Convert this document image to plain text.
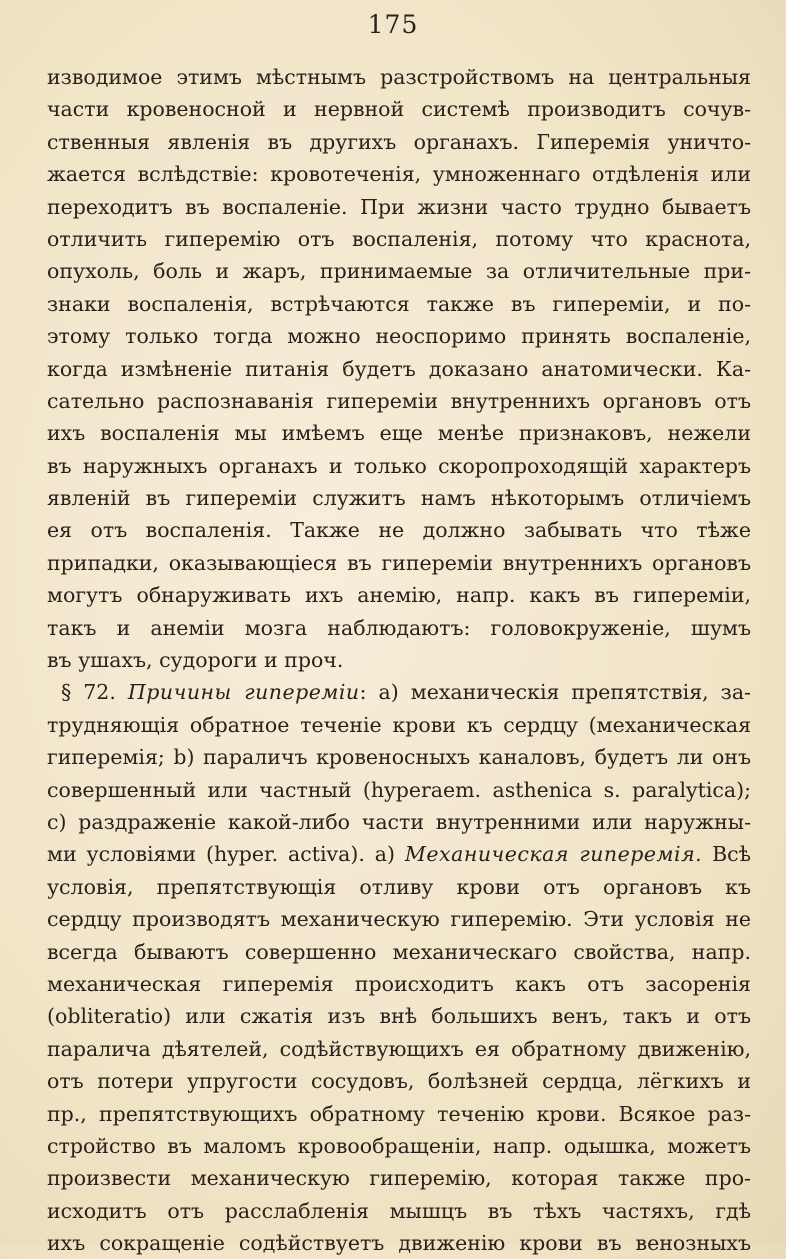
175
изводимое этимъ мѣстнымъ разстройствомъ на центральныя
части кровеносной и нервной системѣ производитъ сочув-
ственныя явленія въ другихъ органахъ. Гиперемія уничто-
жается вслѣдствіе: кровотеченія, умноженнаго отдѣленія или
переходитъ въ воспаленіе. При жизни часто трудно бываетъ
отличить гиперемію отъ воспаленія, потому что краснота,
опухоль, боль и жаръ, принимаемые за отличительные при-
знаки воспаленія, встрѣчаются также въ гипереміи, и по-
этому только тогда можно неоспоримо принять воспаленіе,
когда измѣненіе питанія будетъ доказано анатомически. Ка-
сательно распознаванія гипереміи внутреннихъ органовъ отъ
ихъ воспаленія мы имѣемъ еще менѣе признаковъ, нежели
въ наружныхъ органахъ и только скоропроходящій характеръ
явленій въ гипереміи служитъ намъ нѣкоторымъ отличіемъ
ея отъ воспаленія. Также не должно забывать что тѣже
припадки, оказывающіеся въ гипереміи внутреннихъ органовъ
могутъ обнаруживать ихъ анемію, напр. какъ въ гипереміи,
такъ и анеміи мозга наблюдаютъ: головокруженіе, шумъ
въ ушахъ, судороги и проч.
§ 72. Причины гипереміи: a) механическія препятствія, за-
трудняющія обратное теченіе крови къ сердцу (механическая
гиперемія; b) параличъ кровеносныхъ каналовъ, будетъ ли онъ
совершенный или частный (hyperaem. asthenica s. paralytica);
c) раздраженіе какой-либо части внутренними или наружны-
ми условіями (hyper. activa). a) Механическая гиперемія. Всѣ
условія, препятствующія отливу крови отъ органовъ къ
сердцу производятъ механическую гиперемію. Эти условія не
всегда бываютъ совершенно механическаго свойства, напр.
механическая гиперемія происходитъ какъ отъ засоренія
(obliteratio) или сжатія изъ внѣ большихъ венъ, такъ и отъ
паралича дѣятелей, содѣйствующихъ ея обратному движенію,
отъ потери упругости сосудовъ, болѣзней сердца, лёгкихъ и
пр., препятствующихъ обратному теченію крови. Всякое раз-
стройство въ маломъ кровообращеніи, напр. одышка, можетъ
произвести механическую гиперемію, которая также про-
исходитъ отъ расслабленія мышцъ въ тѣхъ частяхъ, гдѣ
ихъ сокращеніе содѣйствуетъ движенію крови въ венозныхъ
